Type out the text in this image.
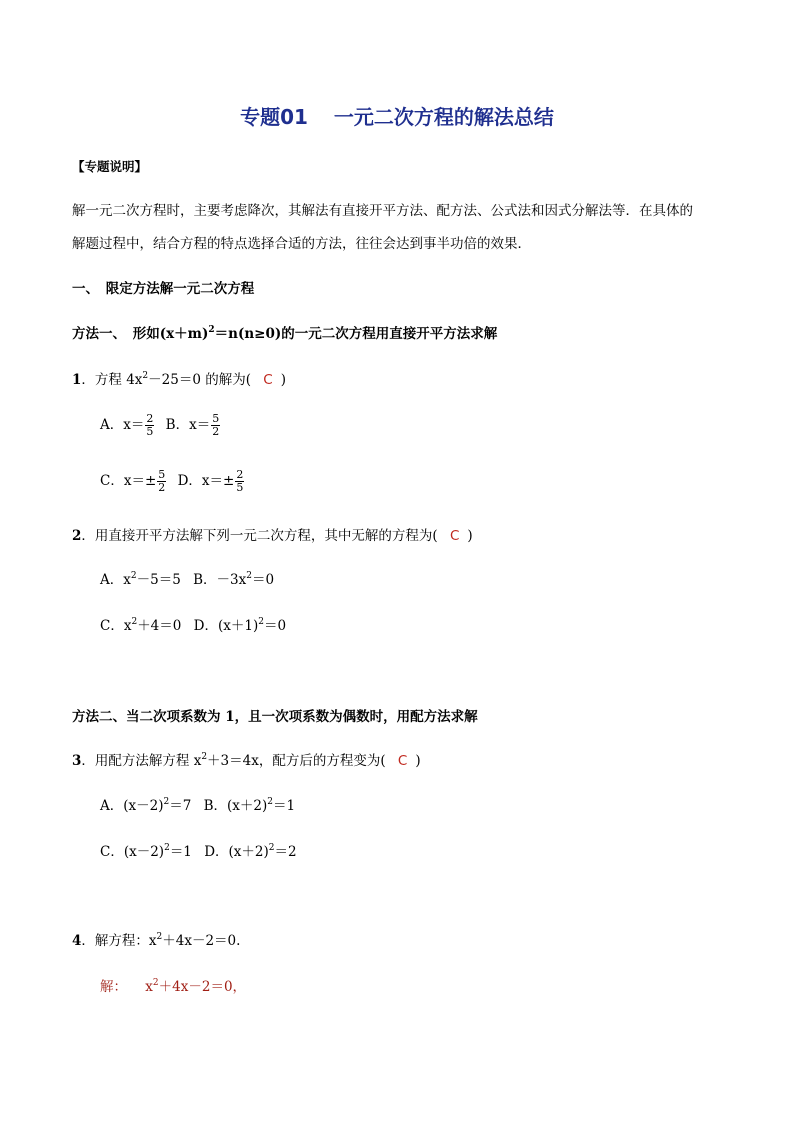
专题01 一元二次方程的解法总结
【专题说明】
解一元二次方程时，主要考虑降次，其解法有直接开平方法、配方法、公式法和因式分解法等．在具体的
解题过程中，结合方程的特点选择合适的方法，往往会达到事半功倍的效果．
一、　限定方法解一元二次方程
方法一、　形如$(x+m)^2=n(n\ge 0)$的一元二次方程用直接开平方法求解
1．方程 $4x^2-25=0$ 的解为( C )
A．$x= \frac{2}{5}$ B．$x= \frac{5}{2}$
C．$x=\pm \frac{5}{2}$ D．$x=\pm \frac{2}{5}$
2．用直接开平方法解下列一元二次方程，其中无解的方程为( C )
A．$x^2-5=5$ B．$-3x^2=0$
C．$x^2+4=0$ D．$(x+1)^2=0$
方法二、当二次项系数为 1，且一次项系数为偶数时，用配方法求解
3．用配方法解方程 $x^2+3=4x$，配方后的方程变为( C )
A．$(x-2)^2=7$ B．$(x+2)^2=1$
C．$(x-2)^2=1$ D．$(x+2)^2=2$
4．解方程：$x^2+4x-2=0$.
解： $x^2+4x-2=0$，
